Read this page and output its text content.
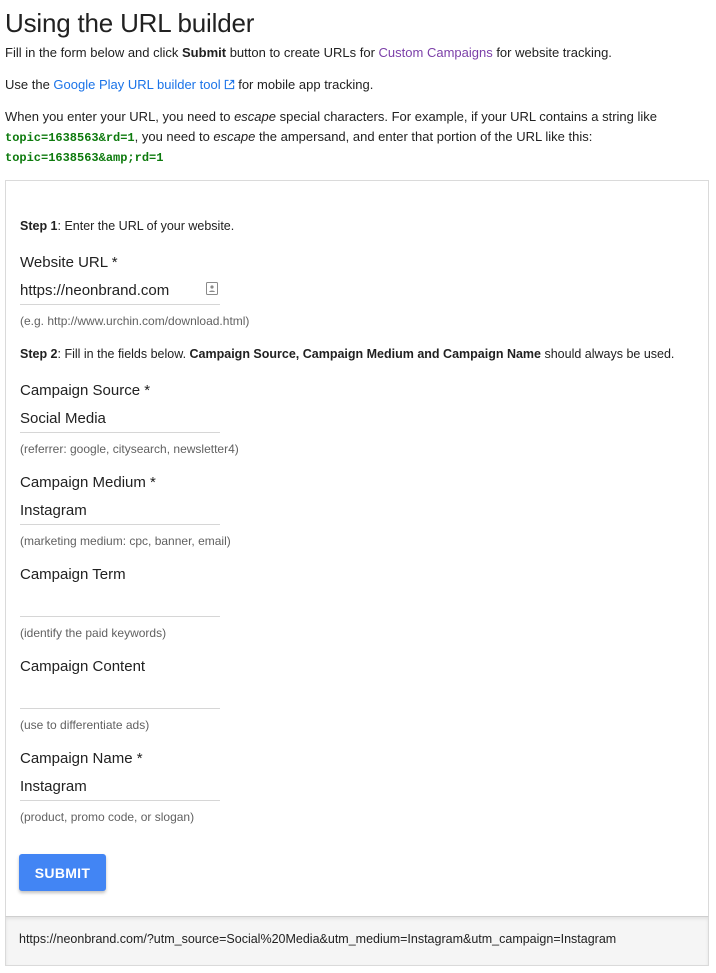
Using the URL builder
Fill in the form below and click Submit button to create URLs for Custom Campaigns for website tracking.
Use the Google Play URL builder tool for mobile app tracking.
When you enter your URL, you need to escape special characters. For example, if your URL contains a string like
topic=1638563&rd=1, you need to escape the ampersand, and enter that portion of the URL like this:
topic=1638563&amp;rd=1
Step 1: Enter the URL of your website.
Website URL *
https://neonbrand.com
(e.g. http://www.urchin.com/download.html)
Step 2: Fill in the fields below. Campaign Source, Campaign Medium and Campaign Name should always be used.
Campaign Source *
Social Media
(referrer: google, citysearch, newsletter4)
Campaign Medium *
Instagram
(marketing medium: cpc, banner, email)
Campaign Term
(identify the paid keywords)
Campaign Content
(use to differentiate ads)
Campaign Name *
Instagram
(product, promo code, or slogan)
SUBMIT
https://neonbrand.com/?utm_source=Social%20Media&utm_medium=Instagram&utm_campaign=Instagram
